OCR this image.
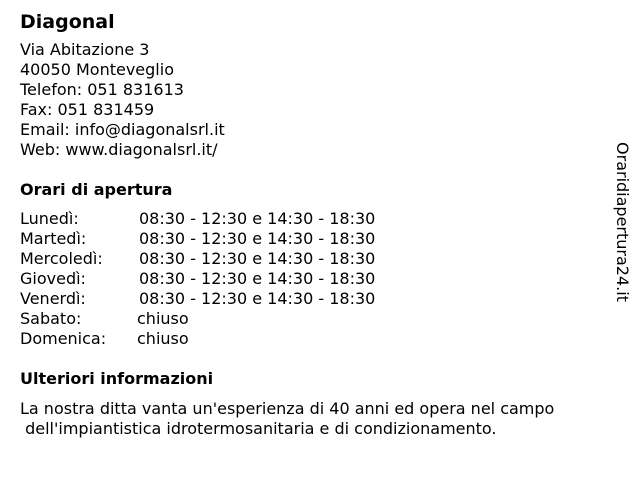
Diagonal
Via Abitazione 3
40050 Monteveglio
Telefon: 051 831613
Fax: 051 831459
Email: info@diagonalsrl.it
Web: www.diagonalsrl.it/
Orari di apertura
Lunedì:	08:30 - 12:30 e 14:30 - 18:30
Martedì:	08:30 - 12:30 e 14:30 - 18:30
Mercoledì:	08:30 - 12:30 e 14:30 - 18:30
Giovedì:	08:30 - 12:30 e 14:30 - 18:30
Venerdì:	08:30 - 12:30 e 14:30 - 18:30
Sabato:	chiuso
Domenica:	chiuso
Ulteriori informazioni
La nostra ditta vanta un'esperienza di 40 anni ed opera nel campo
dell'impiantistica idrotermosanitaria e di condizionamento.
Oraridiapertura24.it
